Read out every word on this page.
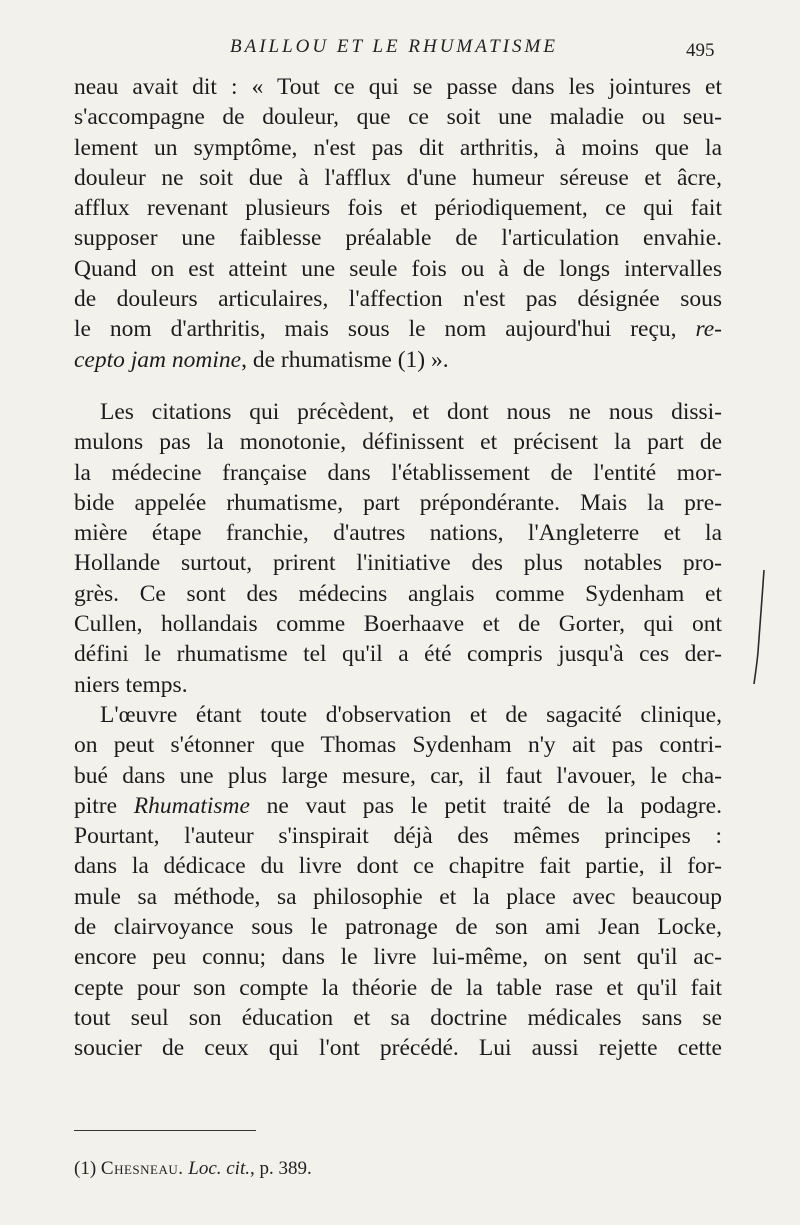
BAILLOU ET LE RHUMATISME	495
neau avait dit : « Tout ce qui se passe dans les jointures et
s'accompagne de douleur, que ce soit une maladie ou seu-
lement un symptôme, n'est pas dit arthritis, à moins que la
douleur ne soit due à l'afflux d'une humeur séreuse et âcre,
afflux revenant plusieurs fois et périodiquement, ce qui fait
supposer une faiblesse préalable de l'articulation envahie.
Quand on est atteint une seule fois ou à de longs intervalles
de douleurs articulaires, l'affection n'est pas désignée sous
le nom d'arthritis, mais sous le nom aujourd'hui reçu, re-
cepto jam nomine, de rhumatisme (1) ».
Les citations qui précèdent, et dont nous ne nous dissi-
mulons pas la monotonie, définissent et précisent la part de
la médecine française dans l'établissement de l'entité mor-
bide appelée rhumatisme, part prépondérante. Mais la pre-
mière étape franchie, d'autres nations, l'Angleterre et la
Hollande surtout, prirent l'initiative des plus notables pro-
grès. Ce sont des médecins anglais comme Sydenham et
Cullen, hollandais comme Boerhaave et de Gorter, qui ont
défini le rhumatisme tel qu'il a été compris jusqu'à ces der-
niers temps.
L'œuvre étant toute d'observation et de sagacité clinique,
on peut s'étonner que Thomas Sydenham n'y ait pas contri-
bué dans une plus large mesure, car, il faut l'avouer, le cha-
pitre Rhumatisme ne vaut pas le petit traité de la podagre.
Pourtant, l'auteur s'inspirait déjà des mêmes principes :
dans la dédicace du livre dont ce chapitre fait partie, il for-
mule sa méthode, sa philosophie et la place avec beaucoup
de clairvoyance sous le patronage de son ami Jean Locke,
encore peu connu; dans le livre lui-même, on sent qu'il ac-
cepte pour son compte la théorie de la table rase et qu'il fait
tout seul son éducation et sa doctrine médicales sans se
soucier de ceux qui l'ont précédé. Lui aussi rejette cette
(1) Chesneau. Loc. cit., p. 389.
